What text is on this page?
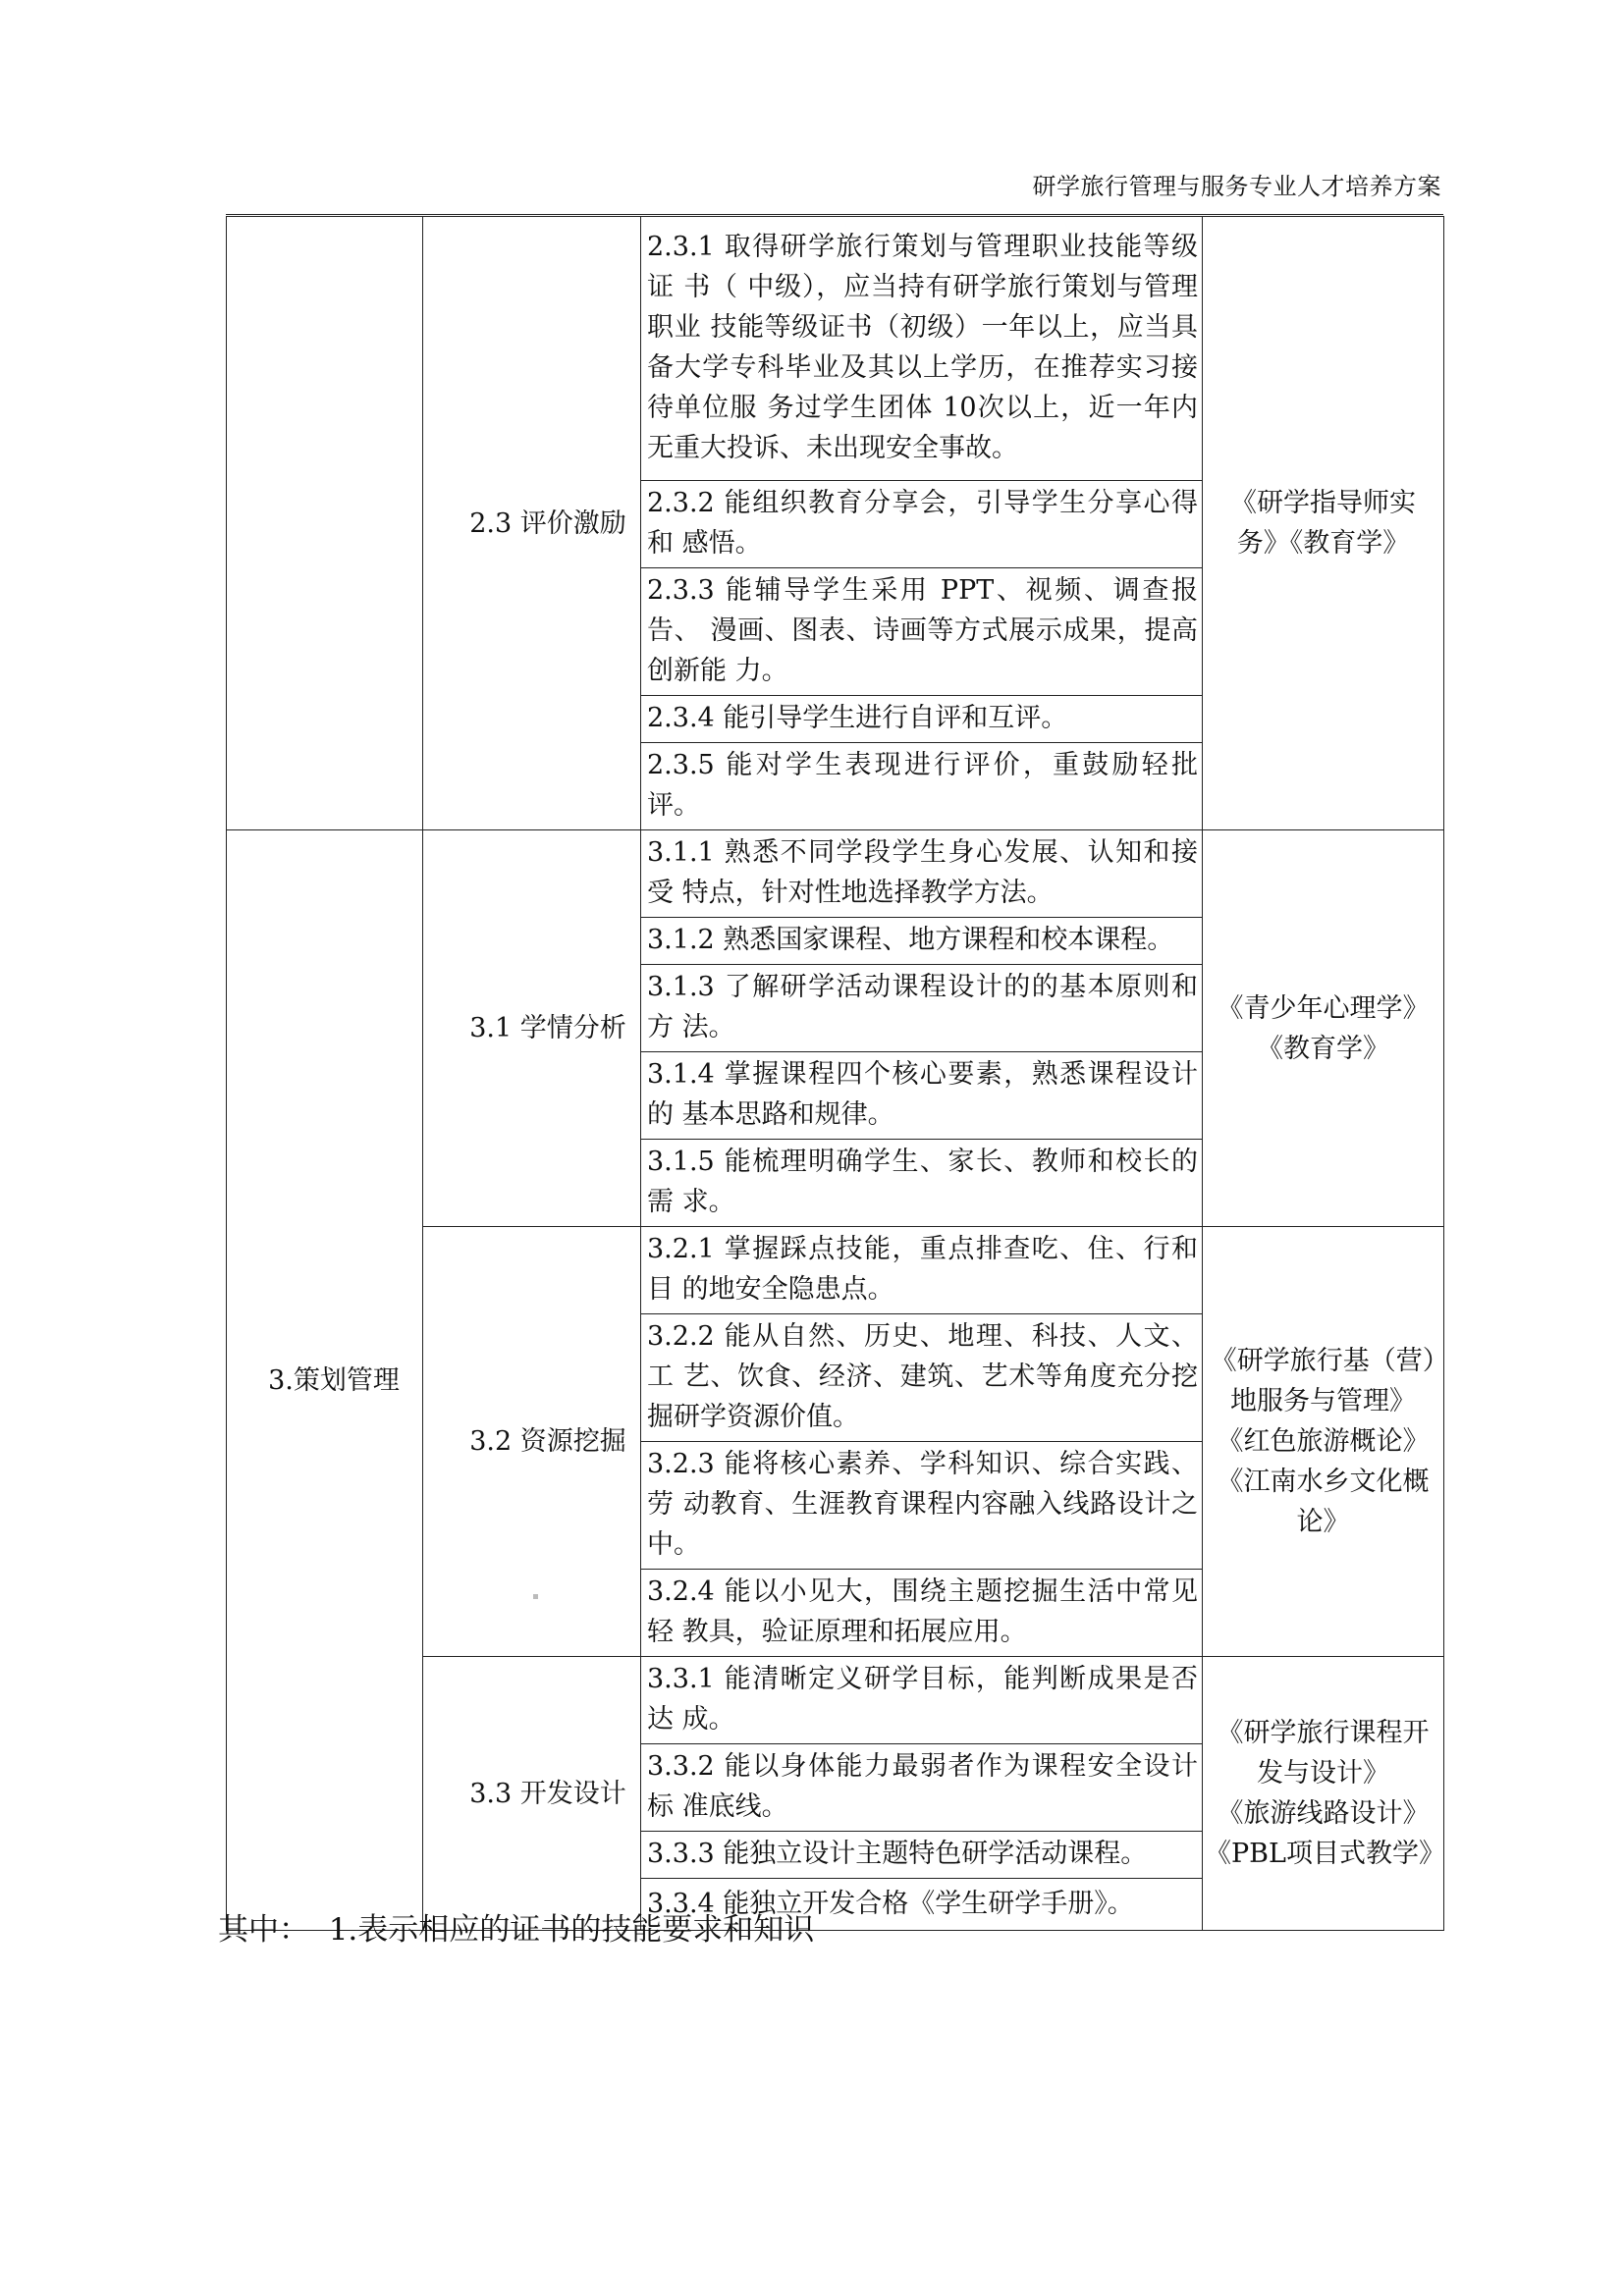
研学旅行管理与服务专业人才培养方案
	2.3 评价激励	2.3.1 取得研学旅行策划与管理职业技能等级证 书（ 中级），应当持有研学旅行策划与管理职业 技能等级证书（初级）一年以上，应当具备大学专科毕业及其以上学历，在推荐实习接待单位服 务过学生团体 10次以上，近一年内无重大投诉、未出现安全事故。	《研学指导师实务》《教育学》

		2.3.2 能组织教育分享会，引导学生分享心得和 感悟。	
		2.3.3 能辅导学生采用 PPT、视频、调查报告、 漫画、图表、诗画等方式展示成果，提高创新能 力。	
		2.3.4 能引导学生进行自评和互评。	
		2.3.5 能对学生表现进行评价，重鼓励轻批评。	
3.策划管理	3.1 学情分析	3.1.1 熟悉不同学段学生身心发展、认知和接受 特点，针对性地选择教学方法。	《青少年心理学》
《教育学》

		3.1.2 熟悉国家课程、地方课程和校本课程。	
		3.1.3 了解研学活动课程设计的的基本原则和方 法。	
		3.1.4 掌握课程四个核心要素，熟悉课程设计的 基本思路和规律。	
		3.1.5 能梳理明确学生、家长、教师和校长的需 求。	
	3.2 资源挖掘	3.2.1 掌握踩点技能，重点排查吃、住、行和目 的地安全隐患点。	《研学旅行基（营）地服务与管理》
《红色旅游概论》
《江南水乡文化概论》

		3.2.2 能从自然、历史、地理、科技、人文、工 艺、饮食、经济、建筑、艺术等角度充分挖掘研学资源价值。	
		3.2.3 能将核心素养、学科知识、综合实践、劳 动教育、生涯教育课程内容融入线路设计之中。	
		3.2.4 能以小见大，围绕主题挖掘生活中常见轻 教具，验证原理和拓展应用。	
	3.3 开发设计	3.3.1 能清晰定义研学目标，能判断成果是否达 成。	《研学旅行课程开发与设计》
《旅游线路设计》
《PBL项目式教学》

		3.3.2 能以身体能力最弱者作为课程安全设计标 准底线。	
		3.3.3 能独立设计主题特色研学活动课程。	
		3.3.4 能独立开发合格《学生研学手册》。	
其中：  1.表示相应的证书的技能要求和知识
